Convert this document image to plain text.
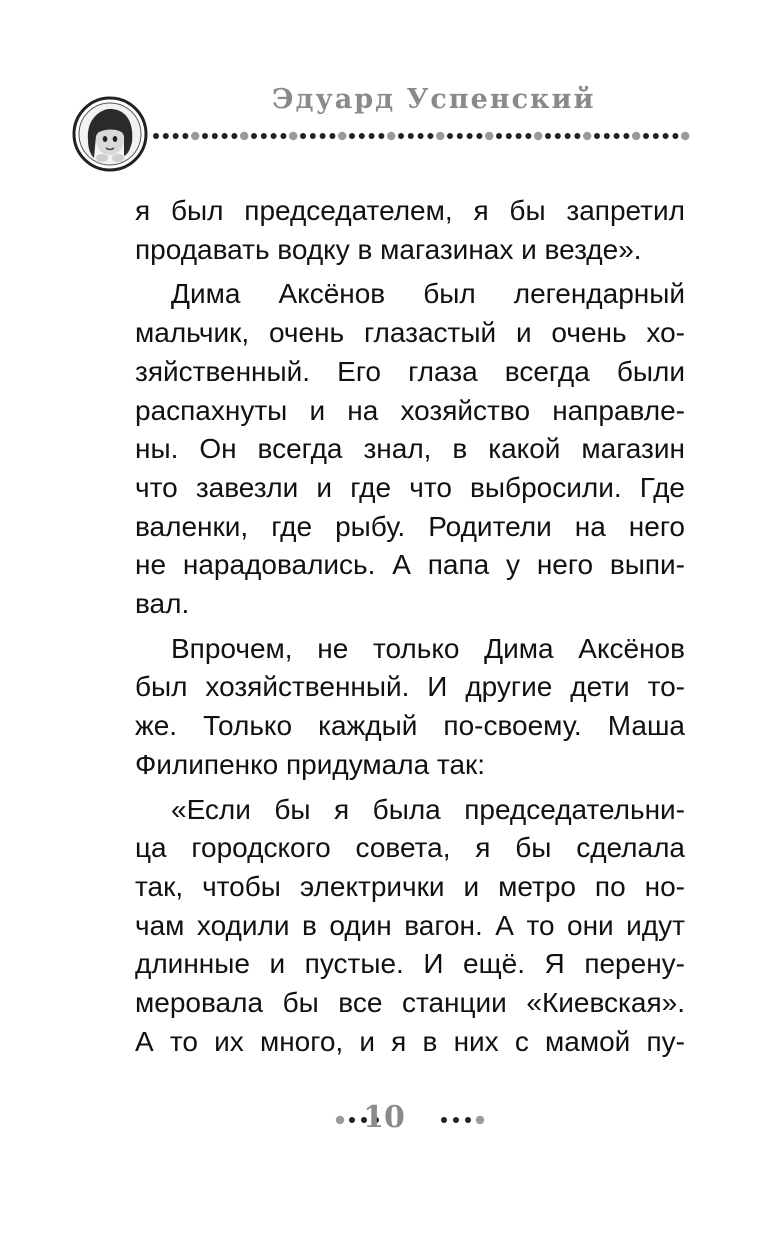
Эдуард Успенский
я был председателем, я бы запретил
продавать водку в магазинах и везде».
Дима Аксёнов был легендарный
мальчик, очень глазастый и очень хо-
зяйственный. Его глаза всегда были
распахнуты и на хозяйство направле-
ны. Он всегда знал, в какой магазин
что завезли и где что выбросили. Где
валенки, где рыбу. Родители на него
не нарадовались. А папа у него выпи-
вал.
Впрочем, не только Дима Аксёнов
был хозяйственный. И другие дети то-
же. Только каждый по-своему. Маша
Филипенко придумала так:
«Если бы я была председательни-
ца городского совета, я бы сделала
так, чтобы электрички и метро по но-
чам ходили в один вагон. А то они идут
длинные и пустые. И ещё. Я перену-
меровала бы все станции «Киевская».
А то их много, и я в них с мамой пу-
10
